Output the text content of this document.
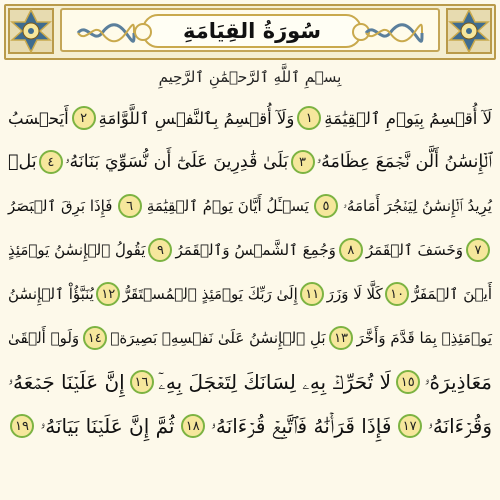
سُورَةُ القِيَامَةِ
بِسۡمِ ٱللَّهِ ٱلرَّحۡمَٰنِ ٱلرَّحِيمِ
لَآ أُقۡسِمُ بِيَوۡمِ ٱلۡقِيَٰمَةِ
١
وَلَآ أُقۡسِمُ بِٱلنَّفۡسِ ٱللَّوَّامَةِ
٢
أَيَحۡسَبُ
ٱلۡإِنسَٰنُ أَلَّن نَّجۡمَعَ عِظَامَهُۥ
٣
بَلَىٰ قَٰدِرِينَ عَلَىٰٓ أَن نُّسَوِّيَ بَنَانَهُۥ
٤
بَلۡ
يُرِيدُ ٱلۡإِنسَٰنُ لِيَفۡجُرَ أَمَامَهُۥ
٥
يَسۡـَٔلُ أَيَّانَ يَوۡمُ ٱلۡقِيَٰمَةِ
٦
فَإِذَا بَرِقَ ٱلۡبَصَرُ
٧
وَخَسَفَ ٱلۡقَمَرُ
٨
وَجُمِعَ ٱلشَّمۡسُ وَٱلۡقَمَرُ
٩
يَقُولُ ٱلۡإِنسَٰنُ يَوۡمَئِذٍ
أَيۡنَ ٱلۡمَفَرُّ
١٠
كَلَّا لَا وَزَرَ
١١
إِلَىٰ رَبِّكَ يَوۡمَئِذٍ ٱلۡمُسۡتَقَرُّ
١٢
يُنَبَّؤُاْ ٱلۡإِنسَٰنُ
يَوۡمَئِذِۢ بِمَا قَدَّمَ وَأَخَّرَ
١٣
بَلِ ٱلۡإِنسَٰنُ عَلَىٰ نَفۡسِهِۦ بَصِيرَةٞ
١٤
وَلَوۡ أَلۡقَىٰ
مَعَاذِيرَهُۥ
١٥
لَا تُحَرِّكۡ بِهِۦ لِسَانَكَ لِتَعۡجَلَ بِهِۦٓ
١٦
إِنَّ عَلَيۡنَا جَمۡعَهُۥ
وَقُرۡءَانَهُۥ
١٧
فَإِذَا قَرَأۡنَٰهُ فَٱتَّبِعۡ قُرۡءَانَهُۥ
١٨
ثُمَّ إِنَّ عَلَيۡنَا بَيَانَهُۥ
١٩
